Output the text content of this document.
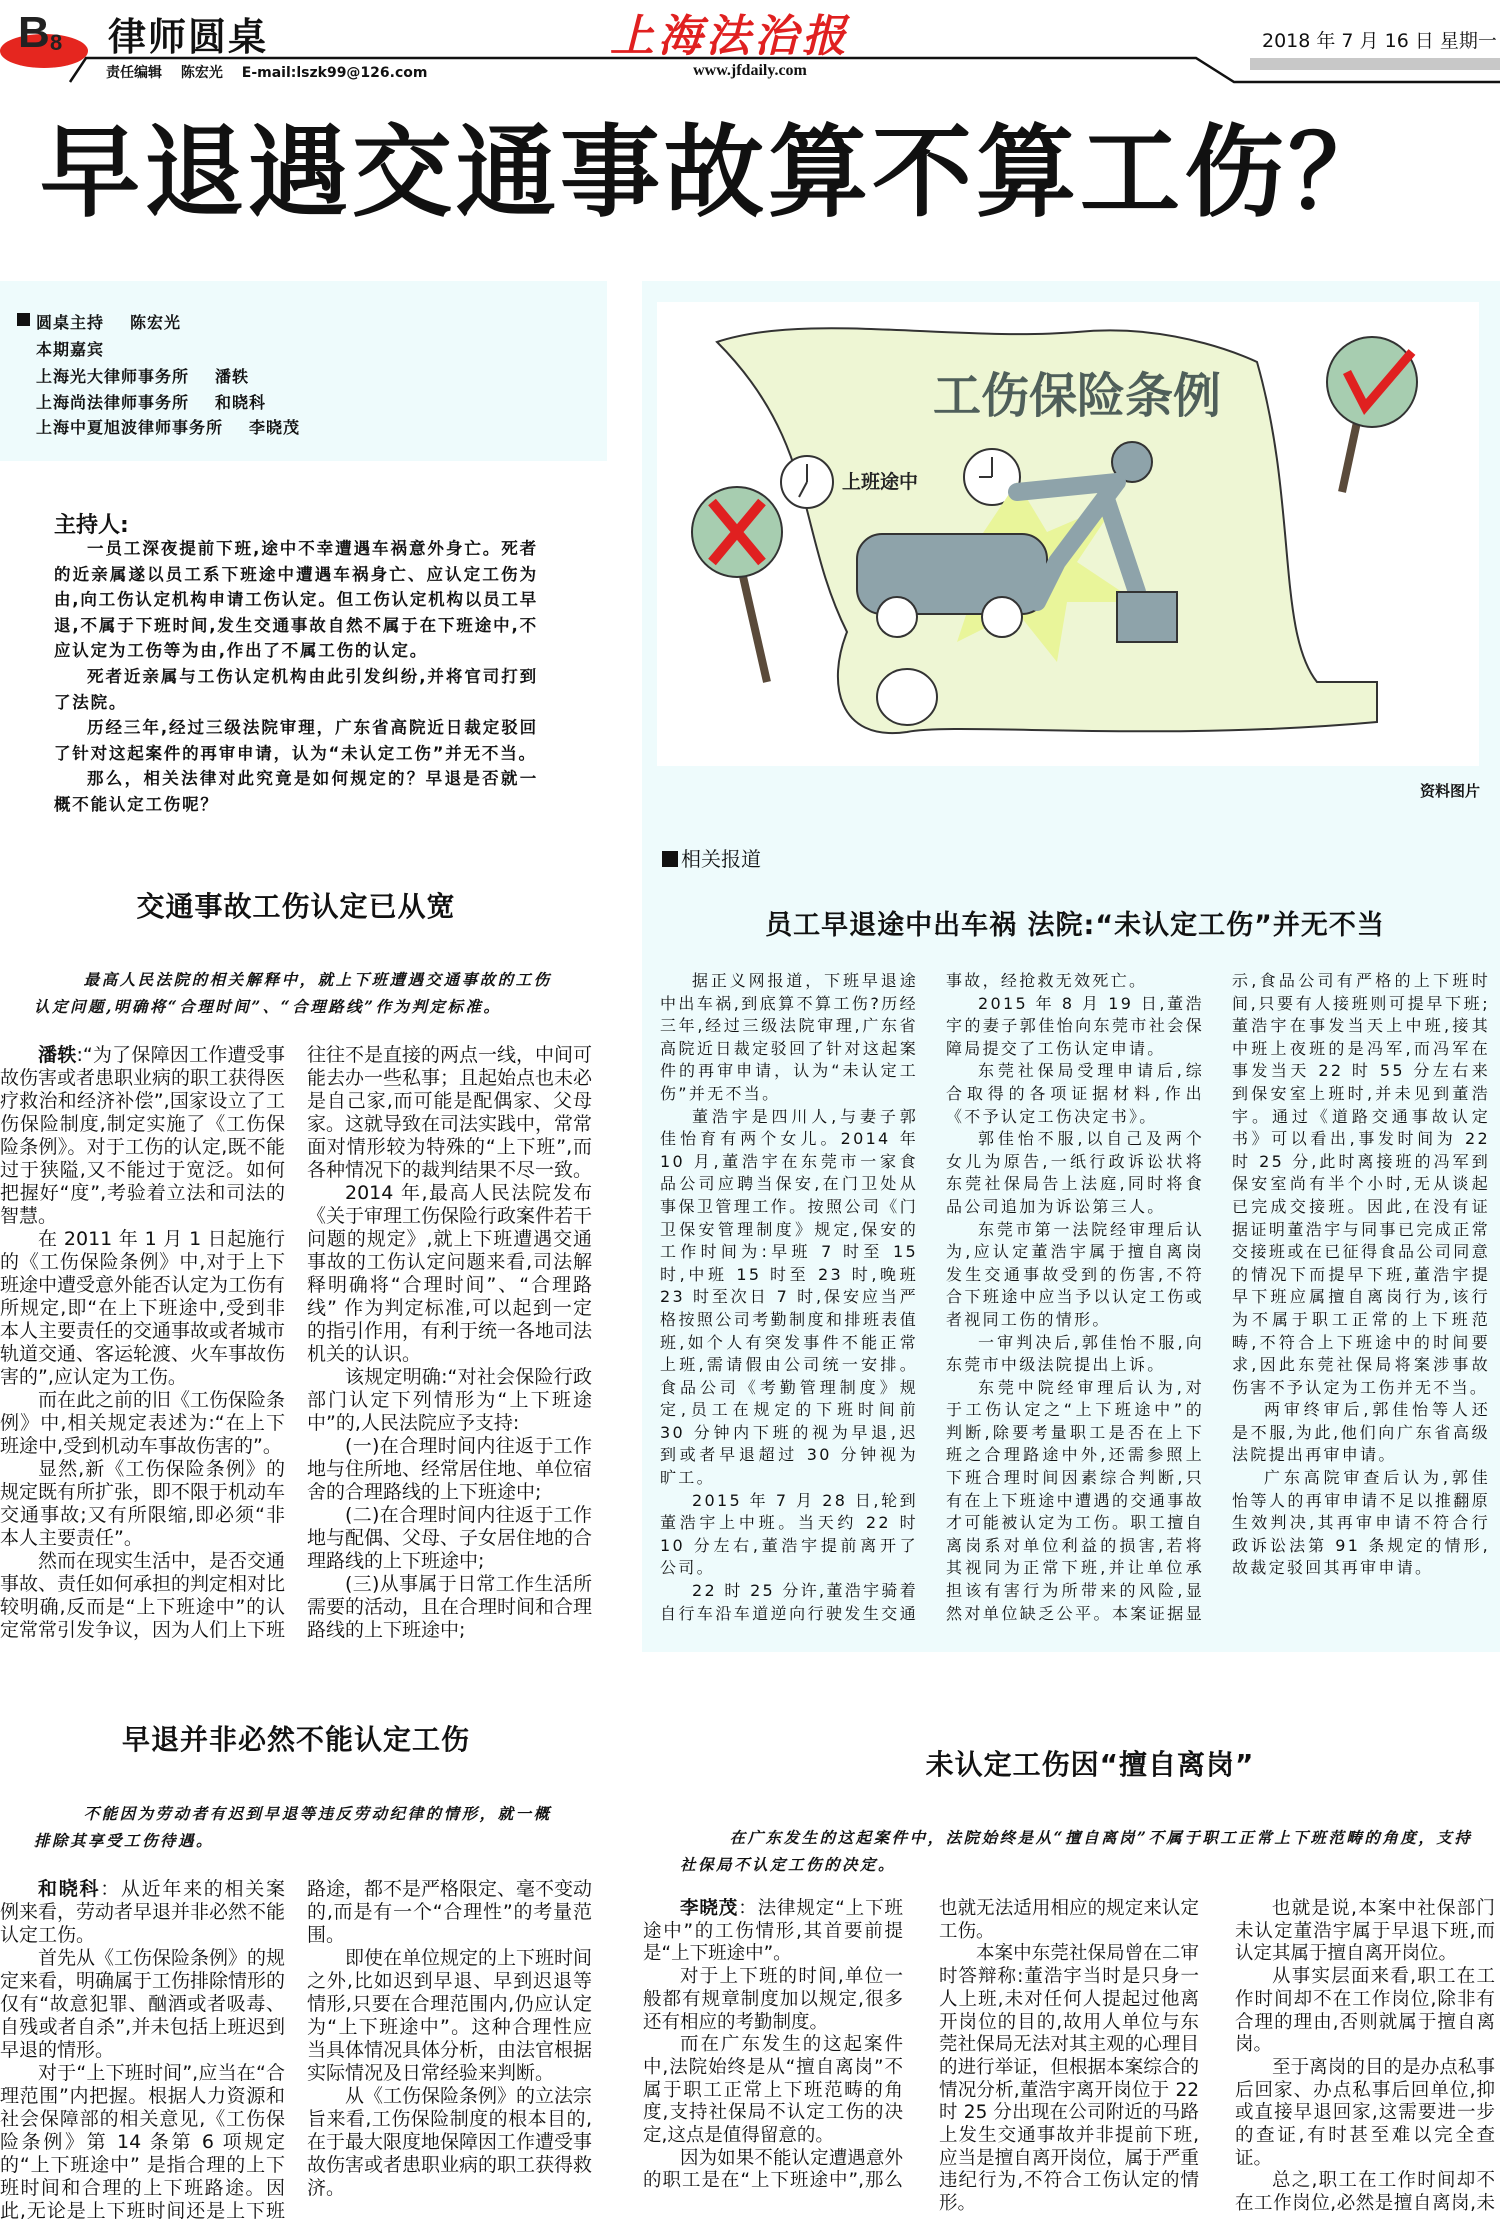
B 8 律师圆桌	上海法治报	2018 年 7 月 16 日 星期一
责任编辑 陈宏光 E-mail:lszk99@126.com	www.jfdaily.com
早退遇交通事故算不算工伤？
圆桌主持 陈宏光
本期嘉宾
上海光大律师事务所 潘轶
上海尚法律师事务所 和晓科
上海中夏旭波律师事务所 李晓茂
主持人:

一员工深夜提前下班,途中不幸遭遇车祸意外身亡。死者的近亲属遂以员工系下班途中遭遇车祸身亡、应认定工伤为由,向工伤认定机构申请工伤认定。但工伤认定机构以员工早退,不属于下班时间,发生交通事故自然不属于在下班途中,不应认定为工伤等为由,作出了不属工伤的认定。

死者近亲属与工伤认定机构由此引发纠纷,并将官司打到了法院。

历经三年,经过三级法院审理，广东省高院近日裁定驳回了针对这起案件的再审申请，认为“未认定工伤”并无不当。

那么，相关法律对此究竟是如何规定的？早退是否就一概不能认定工伤呢？

工伤保险条例
上班途中
资料图片
相关报道
交通事故工伤认定已从宽
最高人民法院的相关解释中，就上下班遭遇交通事故的工伤认定问题,明确将“合理时间”、“合理路线”作为判定标准。

潘轶:“为了保障因工作遭受事故伤害或者患职业病的职工获得医疗救治和经济补偿”,国家设立了工伤保险制度,制定实施了《工伤保险条例》。对于工伤的认定,既不能过于狭隘,又不能过于宽泛。如何把握好“度”,考验着立法和司法的智慧。

在 2011 年 1 月 1 日起施行的《工伤保险条例》中,对于上下班途中遭受意外能否认定为工伤有所规定,即“在上下班途中,受到非本人主要责任的交通事故或者城市轨道交通、客运轮渡、火车事故伤害的”,应认定为工伤。

而在此之前的旧《工伤保险条例》中,相关规定表述为:“在上下班途中,受到机动车事故伤害的”。

显然,新《工伤保险条例》的规定既有所扩张，即不限于机动车交通事故;又有所限缩,即必须“非本人主要责任”。

然而在现实生活中，是否交通事故、责任如何承担的判定相对比较明确,反而是“上下班途中”的认定常常引发争议，因为人们上下班往往不是直接的两点一线，中间可能去办一些私事；且起始点也未必是自己家,而可能是配偶家、父母家。这就导致在司法实践中，常常面对情形较为特殊的“上下班”,而各种情况下的裁判结果不尽一致。

2014 年,最高人民法院发布《关于审理工伤保险行政案件若干问题的规定》,就上下班遭遇交通事故的工伤认定问题来看,司法解释明确将“合理时间”、“合理路线” 作为判定标准,可以起到一定的指引作用，有利于统一各地司法机关的认识。

该规定明确:“对社会保险行政部门认定下列情形为“上下班途中”的,人民法院应予支持:

(一)在合理时间内往返于工作地与住所地、经常居住地、单位宿舍的合理路线的上下班途中;

(二)在合理时间内往返于工作地与配偶、父母、子女居住地的合理路线的上下班途中;

(三)从事属于日常工作生活所需要的活动，且在合理时间和合理路线的上下班途中;

员工早退途中出车祸 法院:“未认定工伤”并无不当

据正义网报道，下班早退途中出车祸,到底算不算工伤?历经三年,经过三级法院审理,广东省高院近日裁定驳回了针对这起案件的再审申请，认为“未认定工伤”并无不当。

董浩宇是四川人,与妻子郭佳怡育有两个女儿。2014 年10 月,董浩宇在东莞市一家食品公司应聘当保安,在门卫处从事保卫管理工作。按照公司《门卫保安管理制度》规定,保安的工作时间为:早班 7 时至 15 时,中班 15 时至 23 时,晚班 23 时至次日 7 时,保安应当严格按照公司考勤制度和排班表值班,如个人有突发事件不能正常上班,需请假由公司统一安排。食品公司《考勤管理制度》规定,员工在规定的下班时间前 30 分钟内下班的视为早退,迟到或者早退超过 30 分钟视为旷工。

2015 年 7 月 28 日,轮到董浩宇上中班。当天约 22 时 10 分左右,董浩宇提前离开了公司。

22 时 25 分许,董浩宇骑着自行车沿车道逆向行驶发生交通事故，经抢救无效死亡。

2015 年 8 月 19 日,董浩宇的妻子郭佳怡向东莞市社会保障局提交了工伤认定申请。

东莞社保局受理申请后,综合取得的各项证据材料,作出《不予认定工伤决定书》。

郭佳怡不服,以自己及两个女儿为原告,一纸行政诉讼状将东莞社保局告上法庭,同时将食品公司追加为诉讼第三人。

东莞市第一法院经审理后认为,应认定董浩宇属于擅自离岗发生交通事故受到的伤害,不符合下班途中应当予以认定工伤或者视同工伤的情形。

一审判决后,郭佳怡不服,向东莞市中级法院提出上诉。

东莞中院经审理后认为,对于工伤认定之“上下班途中”的判断,除要考量职工是否在上下班之合理路途中外,还需参照上下班合理时间因素综合判断,只有在上下班途中遭遇的交通事故才可能被认定为工伤。职工擅自离岗系对单位利益的损害,若将其视同为正常下班,并让单位承担该有害行为所带来的风险,显然对单位缺乏公平。本案证据显示,食品公司有严格的上下班时间,只要有人接班则可提早下班;董浩宇在事发当天上中班,接其中班上夜班的是冯军,而冯军在事发当天 22 时 55 分左右来到保安室上班时,并未见到董浩宇。通过《道路交通事故认定书》可以看出,事发时间为 22时 25 分,此时离接班的冯军到保安室尚有半个小时,无从谈起已完成交接班。因此,在没有证据证明董浩宇与同事已完成正常交接班或在已征得食品公司同意的情况下而提早下班,董浩宇提早下班应属擅自离岗行为,该行为不属于职工正常的上下班范畴,不符合上下班途中的时间要求,因此东莞社保局将案涉事故伤害不予认定为工伤并无不当。

两审终审后,郭佳怡等人还是不服,为此,他们向广东省高级法院提出再审申请。

广东高院审查后认为,郭佳怡等人的再审申请不足以推翻原生效判决,其再审申请不符合行政诉讼法第 91 条规定的情形,故裁定驳回其再审申请。

早退并非必然不能认定工伤
不能因为劳动者有迟到早退等违反劳动纪律的情形，就一概排除其享受工伤待遇。

和晓科：从近年来的相关案例来看，劳动者早退并非必然不能认定工伤。

首先从《工伤保险条例》的规定来看，明确属于工伤排除情形的仅有“故意犯罪、酗酒或者吸毒、自残或者自杀”,并未包括上班迟到早退的情形。

对于“上下班时间”,应当在“合理范围”内把握。根据人力资源和社会保障部的相关意见,《工伤保险条例》第 14 条第 6 项规定的“上下班途中” 是指合理的上下班时间和合理的上下班路途。因此,无论是上下班时间还是上下班路途，都不是严格限定、毫不变动的,而是有一个“合理性”的考量范围。

即使在单位规定的上下班时间之外,比如迟到早退、早到迟退等情形,只要在合理范围内,仍应认定为“上下班途中”。这种合理性应当具体情况具体分析，由法官根据实际情况及日常经验来判断。

从《工伤保险条例》的立法宗旨来看,工伤保险制度的根本目的,在于最大限度地保障因工作遭受事故伤害或者患职业病的职工获得救济。

未认定工伤因“擅自离岗”
在广东发生的这起案件中，法院始终是从“擅自离岗”不属于职工正常上下班范畴的角度，支持社保局不认定工伤的决定。

李晓茂：法律规定“上下班途中”的工伤情形,其首要前提是“上下班途中”。

对于上下班的时间,单位一般都有规章制度加以规定,很多还有相应的考勤制度。

而在广东发生的这起案件中,法院始终是从“擅自离岗”不属于职工正常上下班范畴的角度,支持社保局不认定工伤的决定,这点是值得留意的。

因为如果不能认定遭遇意外的职工是在“上下班途中”,那么也就无法适用相应的规定来认定工伤。

本案中东莞社保局曾在二审时答辩称:董浩宇当时是只身一人上班,未对任何人提起过他离开岗位的目的,故用人单位与东莞社保局无法对其主观的心理目的进行举证，但根据本案综合的情况分析,董浩宇离开岗位于 22 时 25 分出现在公司附近的马路上发生交通事故并非提前下班,应当是擅自离开岗位，属于严重违纪行为,不符合工伤认定的情形。

也就是说,本案中社保部门未认定董浩宇属于早退下班,而认定其属于擅自离开岗位。

从事实层面来看,职工在工作时间却不在工作岗位,除非有合理的理由,否则就属于擅自离岗。

至于离岗的目的是办点私事后回家、办点私事后回单位,抑或直接早退回家,这需要进一步的查证,有时甚至难以完全查证。

总之,职工在工作时间却不在工作岗位,必然是擅自离岗,未
